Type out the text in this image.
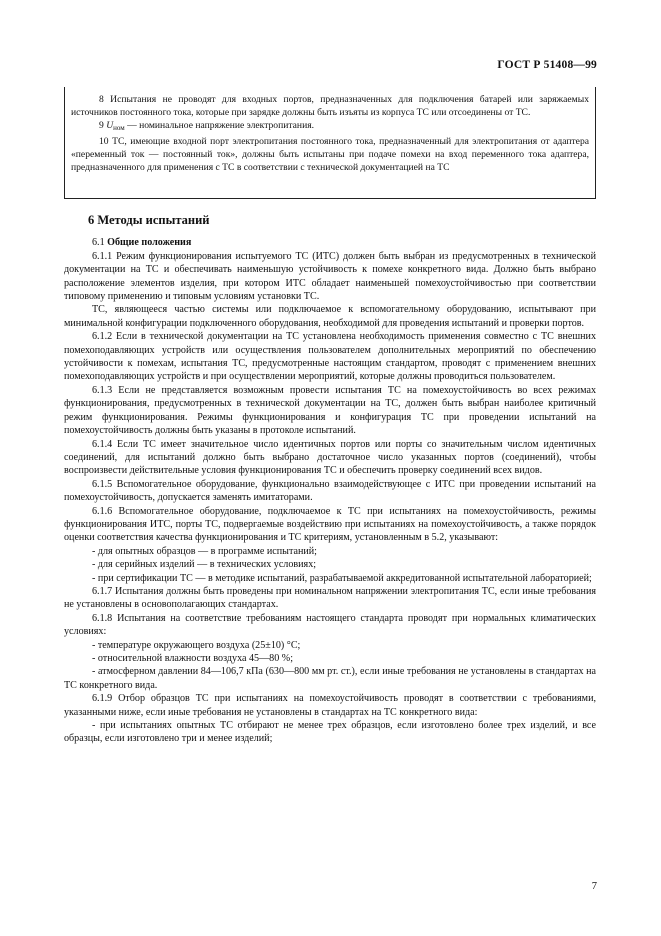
ГОСТ Р 51408—99

8 Испытания не проводят для входных портов, предназначенных для подключения батарей или заряжаемых источников постоянного тока, которые при зарядке должны быть изъяты из корпуса ТС или отсоединены от ТС.

9 $U_{ном}$ — номинальное напряжение электропитания.

10 ТС, имеющие входной порт электропитания постоянного тока, предназначенный для электропитания от адаптера «переменный ток — постоянный ток», должны быть испытаны при подаче помехи на вход переменного тока адаптера, предназначенного для применения с ТС в соответствии с технической документацией на ТС

6 Методы испытаний

6.1 Общие положения

6.1.1 Режим функционирования испытуемого ТС (ИТС) должен быть выбран из предусмотренных в технической документации на ТС и обеспечивать наименьшую устойчивость к помехе конкретного вида. Должно быть выбрано расположение элементов изделия, при котором ИТС обладает наименьшей помехоустойчивостью при соответствии типовому применению и типовым условиям установки ТС.

ТС, являющееся частью системы или подключаемое к вспомогательному оборудованию, испытывают при минимальной конфигурации подключенного оборудования, необходимой для проведения испытаний и проверки портов.

6.1.2 Если в технической документации на ТС установлена необходимость применения совместно с ТС внешних помехоподавляющих устройств или осуществления пользователем дополнительных мероприятий по обеспечению устойчивости к помехам, испытания ТС, предусмотренные настоящим стандартом, проводят с применением внешних помехоподавляющих устройств и при осуществлении мероприятий, которые должны проводиться пользователем.

6.1.3 Если не представляется возможным провести испытания ТС на помехоустойчивость во всех режимах функционирования, предусмотренных в технической документации на ТС, должен быть выбран наиболее критичный режим функционирования. Режимы функционирования и конфигурация ТС при проведении испытаний на помехоустойчивость должны быть указаны в протоколе испытаний.

6.1.4 Если ТС имеет значительное число идентичных портов или порты со значительным числом идентичных соединений, для испытаний должно быть выбрано достаточное число указанных портов (соединений), чтобы воспроизвести действительные условия функционирования ТС и обеспечить проверку соединений всех видов.

6.1.5 Вспомогательное оборудование, функционально взаимодействующее с ИТС при проведении испытаний на помехоустойчивость, допускается заменять имитаторами.

6.1.6 Вспомогательное оборудование, подключаемое к ТС при испытаниях на помехоустойчивость, режимы функционирования ИТС, порты ТС, подвергаемые воздействию при испытаниях на помехоустойчивость, а также порядок оценки соответствия качества функционирования и ТС критериям, установленным в 5.2, указывают:

- для опытных образцов — в программе испытаний;

- для серийных изделий — в технических условиях;

- при сертификации ТС — в методике испытаний, разрабатываемой аккредитованной испытательной лабораторией;

6.1.7 Испытания должны быть проведены при номинальном напряжении электропитания ТС, если иные требования не установлены в основополагающих стандартах.

6.1.8 Испытания на соответствие требованиям настоящего стандарта проводят при нормальных климатических условиях:

- температуре окружающего воздуха (25±10) °С;

- относительной влажности воздуха 45—80 %;

- атмосферном давлении 84—106,7 кПа (630—800 мм рт. ст.), если иные требования не установлены в стандартах на ТС конкретного вида.

6.1.9 Отбор образцов ТС при испытаниях на помехоустойчивость проводят в соответствии с требованиями, указанными ниже, если иные требования не установлены в стандартах на ТС конкретного вида:

- при испытаниях опытных ТС отбирают не менее трех образцов, если изготовлено более трех изделий, и все образцы, если изготовлено три и менее изделий;

7
